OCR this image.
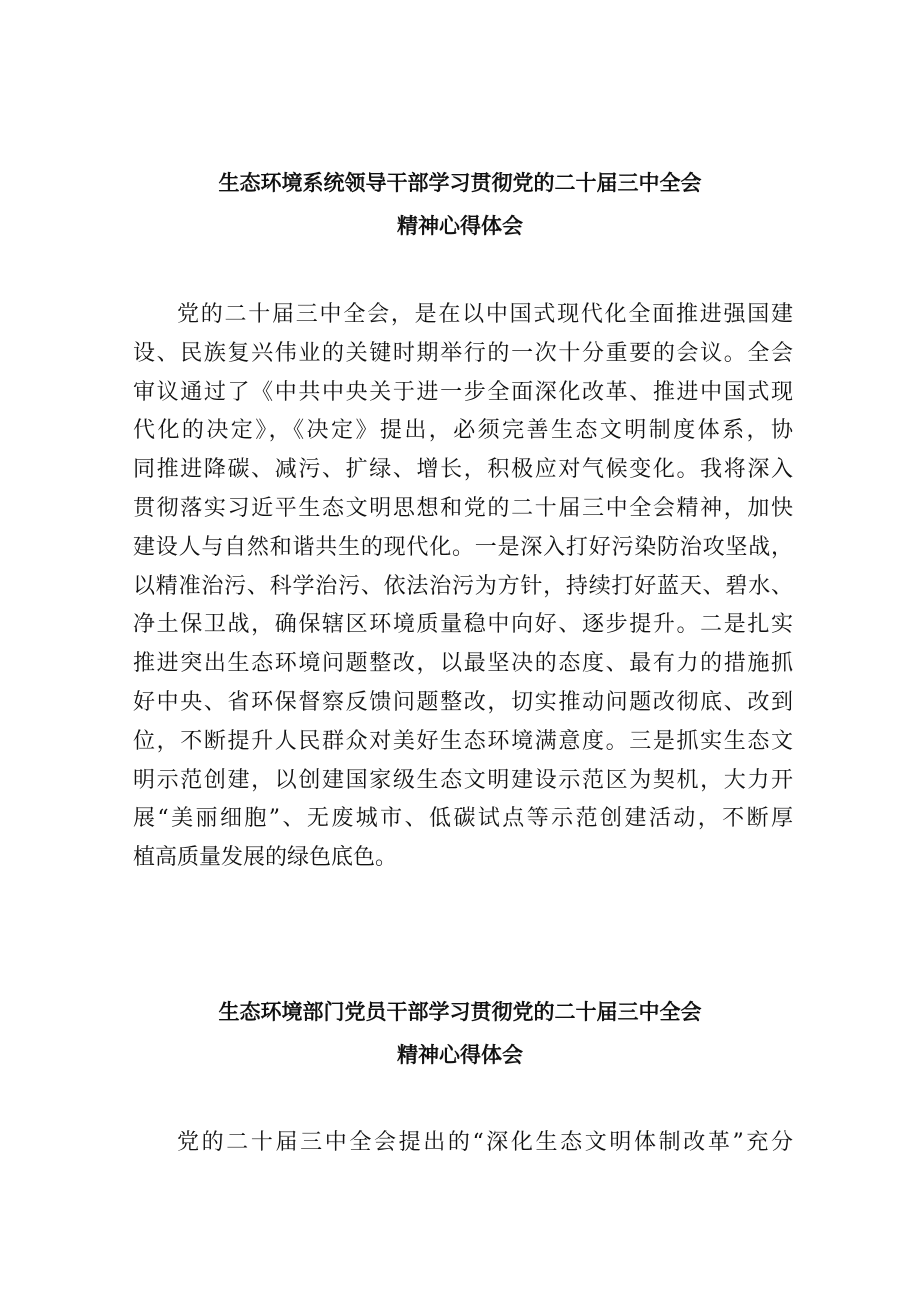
生态环境系统领导干部学习贯彻党的二十届三中全会
精神心得体会
党的二十届三中全会，是在以中国式现代化全面推进强国建
设、民族复兴伟业的关键时期举行的一次十分重要的会议。全会
审议通过了《中共中央关于进一步全面深化改革、推进中国式现
代化的决定》，《决定》提出，必须完善生态文明制度体系，协
同推进降碳、减污、扩绿、增长，积极应对气候变化。我将深入
贯彻落实习近平生态文明思想和党的二十届三中全会精神，加快
建设人与自然和谐共生的现代化。一是深入打好污染防治攻坚战，
以精准治污、科学治污、依法治污为方针，持续打好蓝天、碧水、
净土保卫战，确保辖区环境质量稳中向好、逐步提升。二是扎实
推进突出生态环境问题整改，以最坚决的态度、最有力的措施抓
好中央、省环保督察反馈问题整改，切实推动问题改彻底、改到
位，不断提升人民群众对美好生态环境满意度。三是抓实生态文
明示范创建，以创建国家级生态文明建设示范区为契机，大力开
展“美丽细胞”、无废城市、低碳试点等示范创建活动，不断厚
植高质量发展的绿色底色。
生态环境部门党员干部学习贯彻党的二十届三中全会
精神心得体会
党的二十届三中全会提出的“深化生态文明体制改革”充分
